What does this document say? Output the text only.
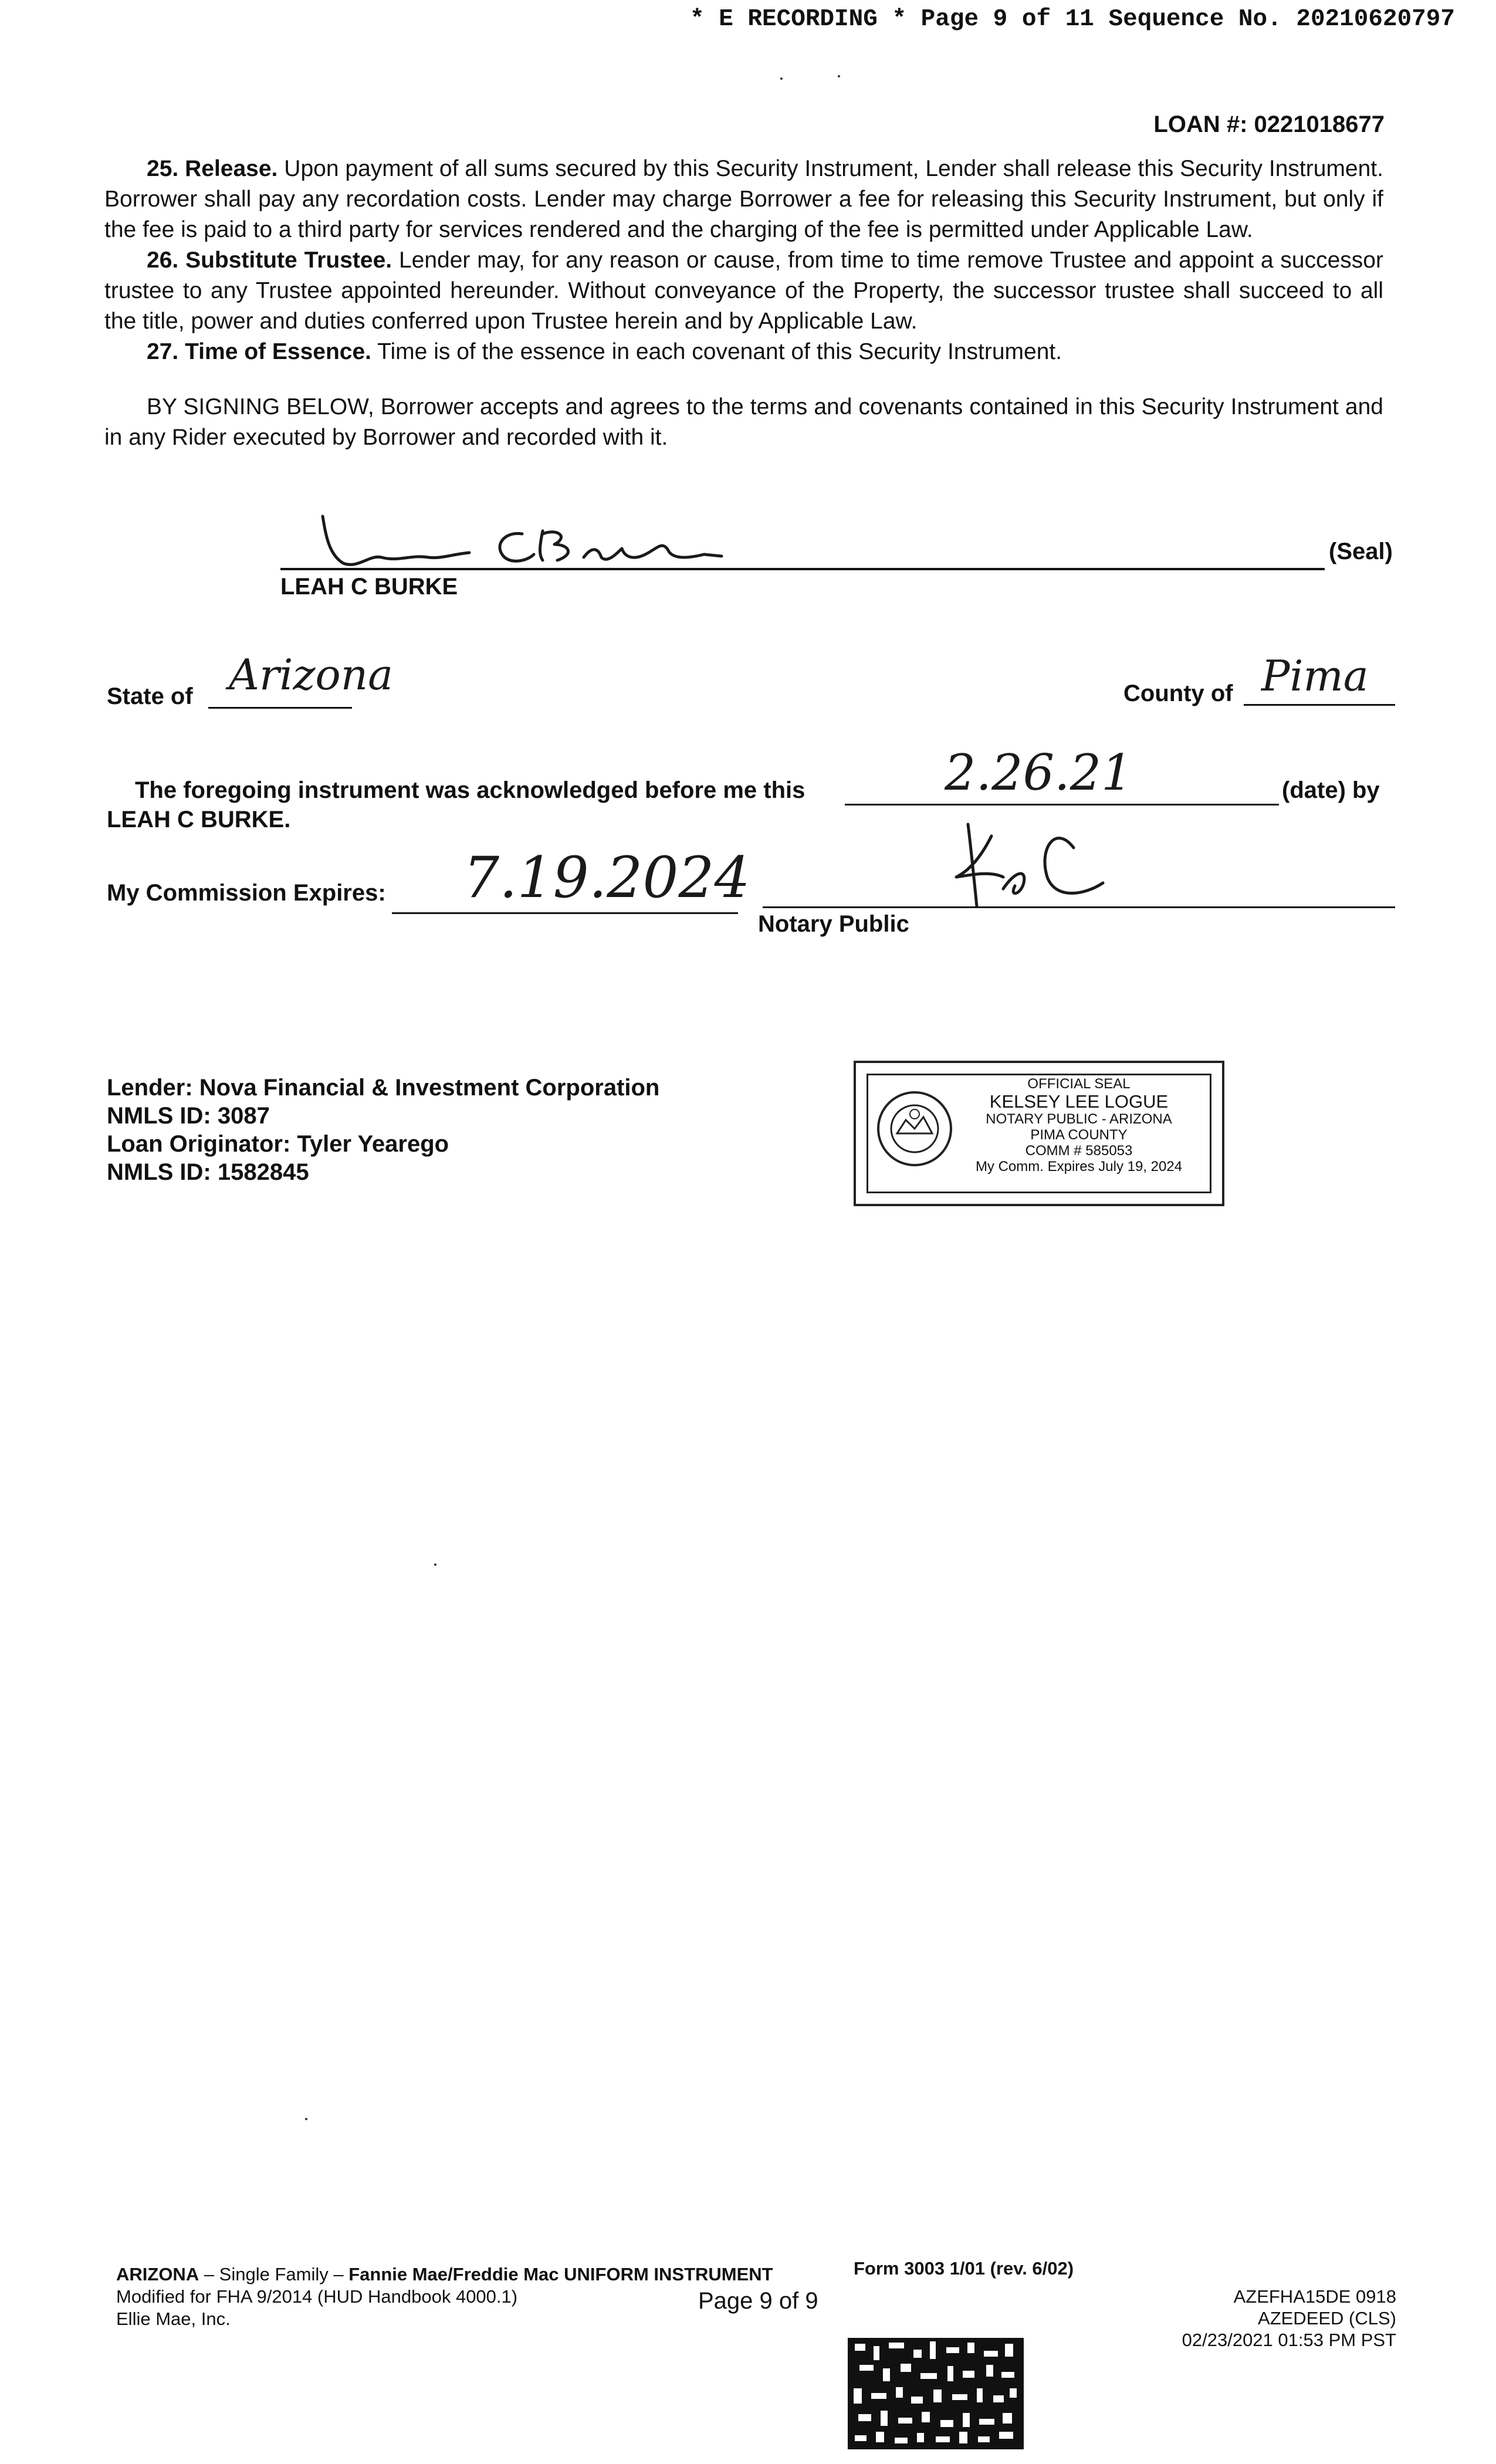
* E RECORDING * Page 9 of 11 Sequence No. 20210620797
LOAN #: 0221018677

25. Release. Upon payment of all sums secured by this Security Instrument, Lender shall release this Security Instrument. Borrower shall pay any recordation costs. Lender may charge Borrower a fee for releasing this Security Instrument, but only if the fee is paid to a third party for services rendered and the charging of the fee is permitted under Applicable Law.

26. Substitute Trustee. Lender may, for any reason or cause, from time to time remove Trustee and appoint a successor trustee to any Trustee appointed hereunder. Without conveyance of the Property, the successor trustee shall succeed to all the title, power and duties conferred upon Trustee herein and by Applicable Law.

27. Time of Essence. Time is of the essence in each covenant of this Security Instrument.

BY SIGNING BELOW, Borrower accepts and agrees to the terms and covenants contained in this Security Instrument and in any Rider executed by Borrower and recorded with it.

(Seal)
LEAH C BURKE
State of Arizona	County of Pima
The foregoing instrument was acknowledged before me this	2.26.21	(date) by
LEAH C BURKE.
My Commission Expires: 7.19.2024
Notary Public
Lender: Nova Financial & Investment Corporation
NMLS ID: 3087
Loan Originator: Tyler Yearego
NMLS ID: 1582845
OFFICIAL SEAL
KELSEY LEE LOGUE
NOTARY PUBLIC - ARIZONA
PIMA COUNTY
COMM # 585053
My Comm. Expires July 19, 2024
ARIZONA – Single Family – Fannie Mae/Freddie Mac UNIFORM INSTRUMENT	Form 3003 1/01 (rev. 6/02)
Modified for FHA 9/2014 (HUD Handbook 4000.1)
Ellie Mae, Inc.
Page 9 of 9	AZEFHA15DE 0918
AZEDEED (CLS)
02/23/2021 01:53 PM PST
